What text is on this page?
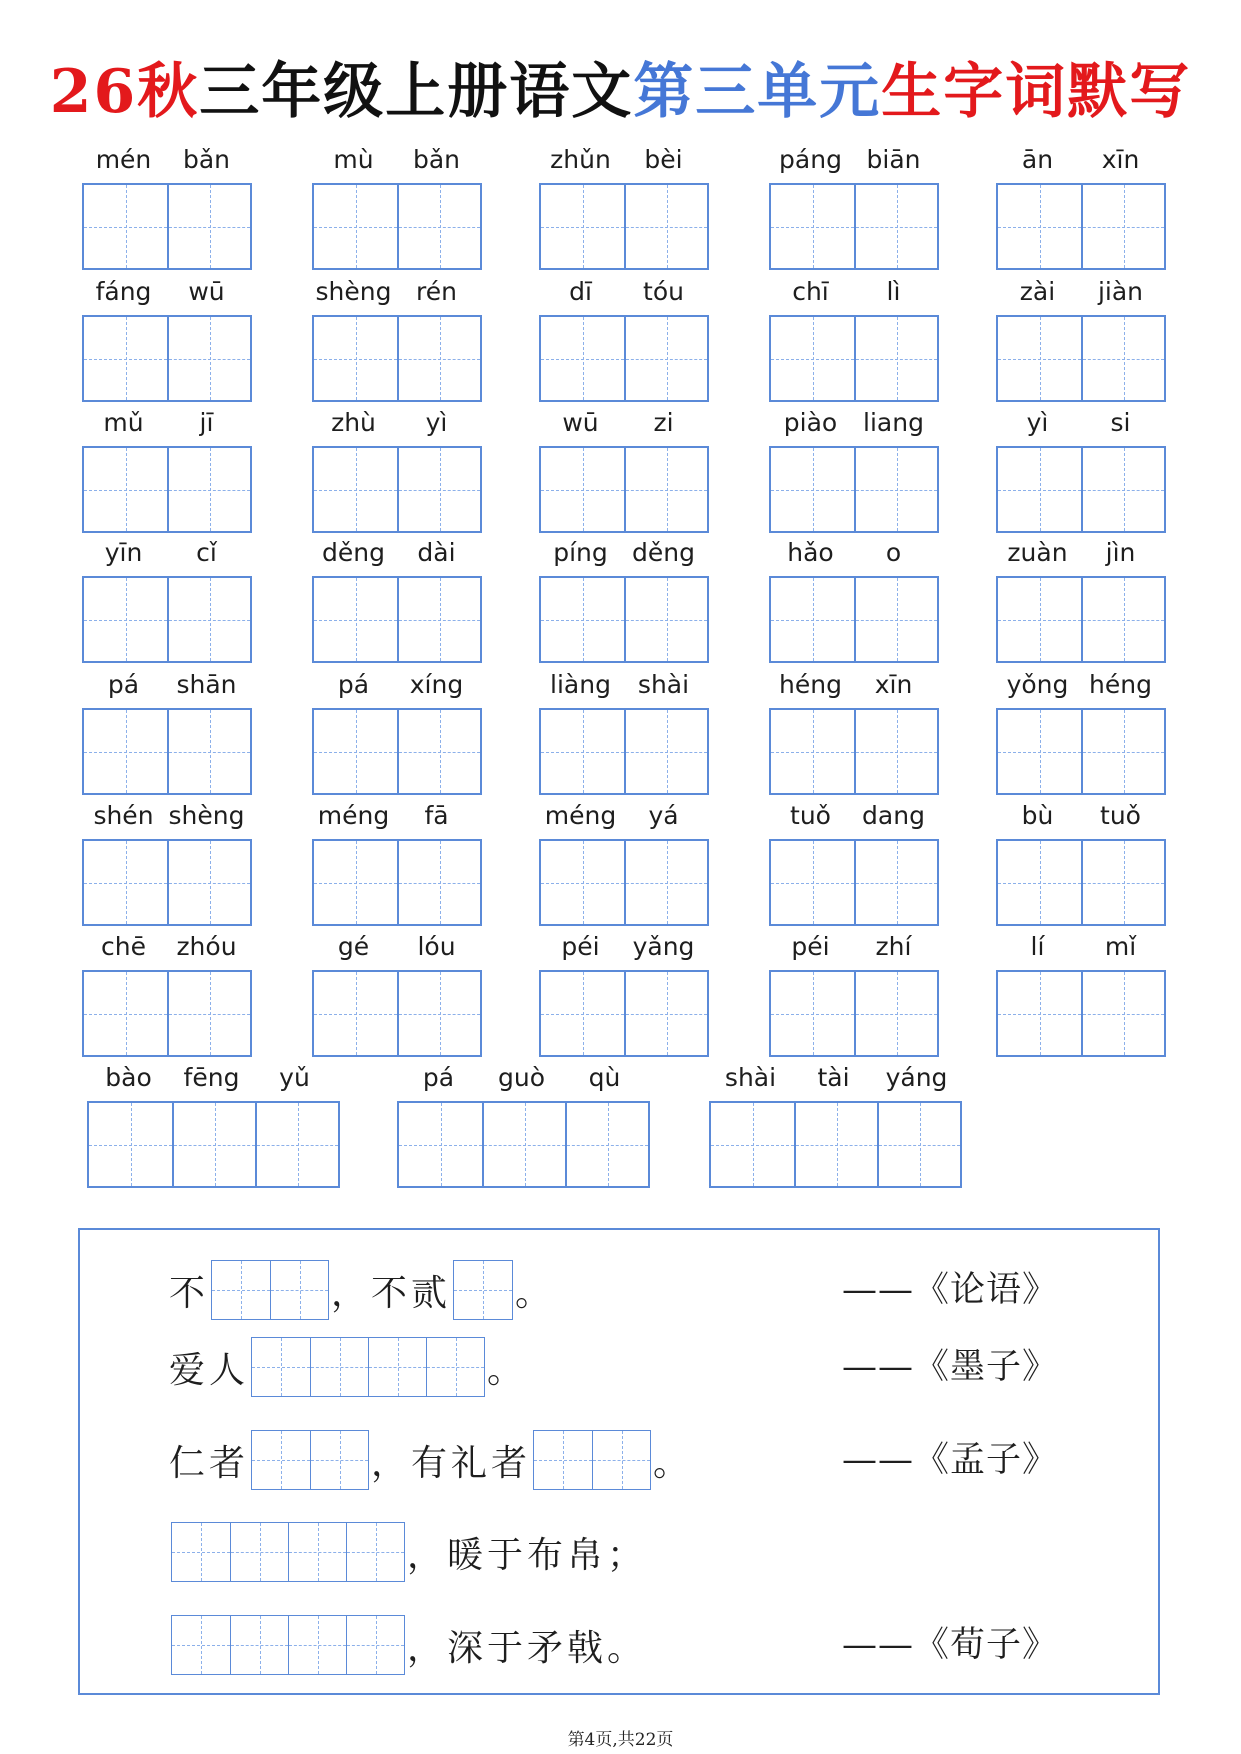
26秋三年级上册语文第三单元生字词默写
mén	bǎn	mù	bǎn	zhǔn	bèi	páng biān	ān	xīn
fáng	wū	shèng rén	dī	tóu	chī	lì	zài	jiàn
mǔ	jī	zhù	yì	wū	zi	piào	liang	yì	si
yīn	cǐ	děng	dài	píng děng	hǎo	o	zuàn	jìn
pá	shān	pá	xíng	liàng	shài	héng	xīn	yǒng héng
shén shèng	méng	fā	méng	yá	tuǒ	dang	bù	tuǒ
chē	zhóu	gé	lóu	péi	yǎng	péi	zhí	lí	mǐ
bào	fēng	yǔ	pá	guò	qù	shài	tài	yáng
不	，不贰 。	——《论语》
爱人	。	——《墨子》
仁者	，有礼者	。	——《孟子》
，暖于布帛；
，深于矛戟。	——《荀子》
第4页,共22页
